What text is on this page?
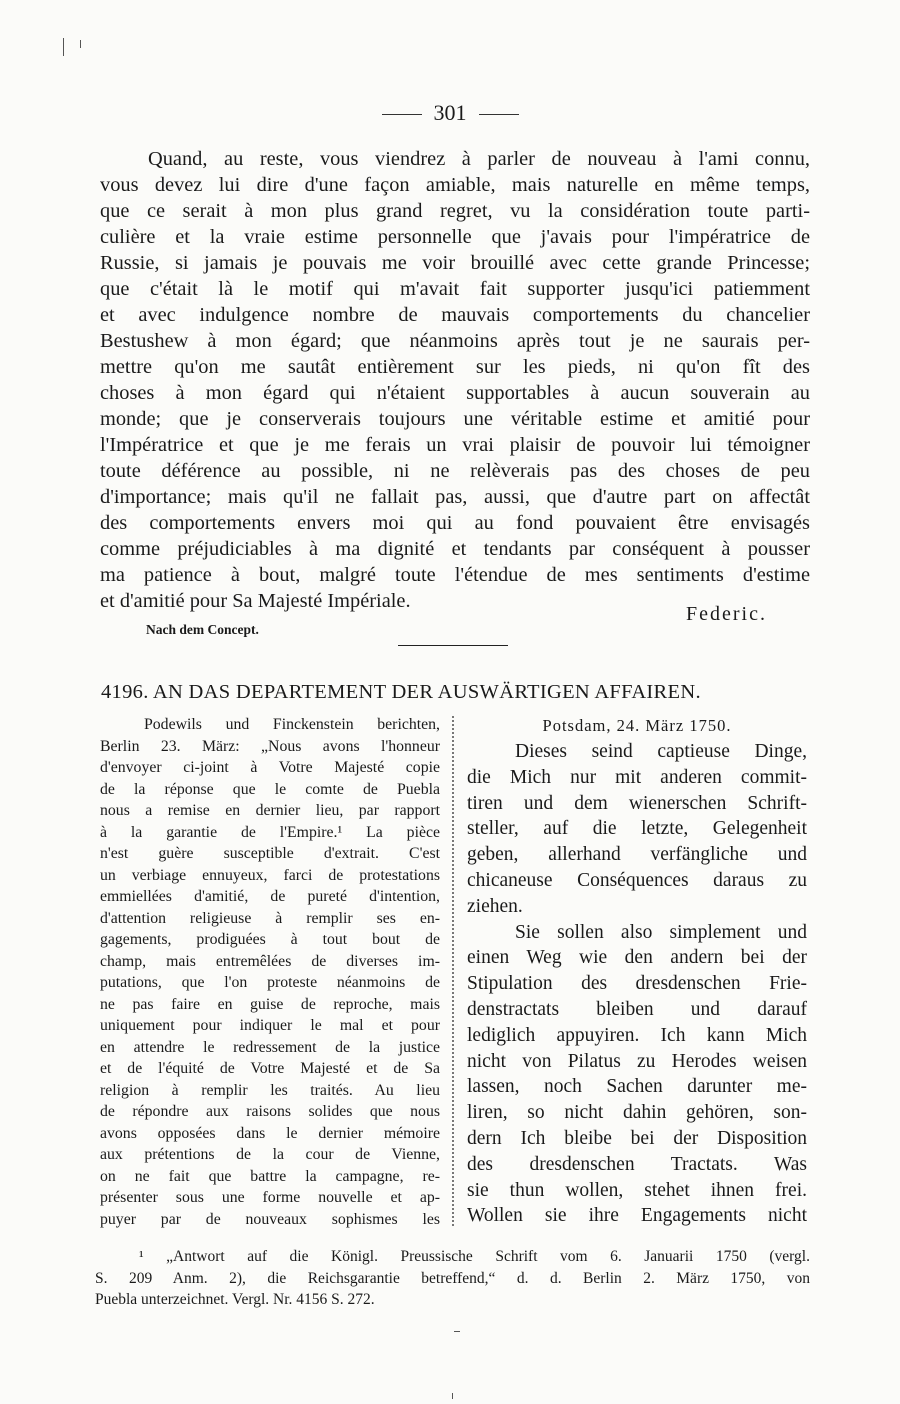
301
Quand, au reste, vous viendrez à parler de nouveau à l'ami connu,
vous devez lui dire d'une façon amiable, mais naturelle en même temps,
que ce serait à mon plus grand regret, vu la considération toute parti-
culière et la vraie estime personnelle que j'avais pour l'impératrice de
Russie, si jamais je pouvais me voir brouillé avec cette grande Princesse;
que c'était là le motif qui m'avait fait supporter jusqu'ici patiemment
et avec indulgence nombre de mauvais comportements du chancelier
Bestushew à mon égard; que néanmoins après tout je ne saurais per-
mettre qu'on me sautât entièrement sur les pieds, ni qu'on fît des
choses à mon égard qui n'étaient supportables à aucun souverain au
monde; que je conserverais toujours une véritable estime et amitié pour
l'Impératrice et que je me ferais un vrai plaisir de pouvoir lui témoigner
toute déférence au possible, ni ne relèverais pas des choses de peu
d'importance; mais qu'il ne fallait pas, aussi, que d'autre part on affectât
des comportements envers moi qui au fond pouvaient être envisagés
comme préjudiciables à ma dignité et tendants par conséquent à pousser
ma patience à bout, malgré toute l'étendue de mes sentiments d'estime
et d'amitié pour Sa Majesté Impériale.
Federic.
Nach dem Concept.
4196. AN DAS DEPARTEMENT DER AUSWÄRTIGEN AFFAIREN.
Podewils und Finckenstein berichten,
Berlin 23. März: „Nous avons l'honneur
d'envoyer ci-joint à Votre Majesté copie
de la réponse que le comte de Puebla
nous a remise en dernier lieu, par rapport
à la garantie de l'Empire.¹ La pièce
n'est guère susceptible d'extrait. C'est
un verbiage ennuyeux, farci de protestations
emmiellées d'amitié, de pureté d'intention,
d'attention religieuse à remplir ses en-
gagements, prodiguées à tout bout de
champ, mais entremêlées de diverses im-
putations, que l'on proteste néanmoins de
ne pas faire en guise de reproche, mais
uniquement pour indiquer le mal et pour
en attendre le redressement de la justice
et de l'équité de Votre Majesté et de Sa
religion à remplir les traités. Au lieu
de répondre aux raisons solides que nous
avons opposées dans le dernier mémoire
aux prétentions de la cour de Vienne,
on ne fait que battre la campagne, re-
présenter sous une forme nouvelle et ap-
puyer par de nouveaux sophismes les
Potsdam, 24. März 1750.
Dieses seind captieuse Dinge,
die Mich nur mit anderen commit-
tiren und dem wienerschen Schrift-
steller, auf die letzte, Gelegenheit
geben, allerhand verfängliche und
chicaneuse Conséquences daraus zu
ziehen.
Sie sollen also simplement und
einen Weg wie den andern bei der
Stipulation des dresdenschen Frie-
denstractats bleiben und darauf
lediglich appuyiren. Ich kann Mich
nicht von Pilatus zu Herodes weisen
lassen, noch Sachen darunter me-
liren, so nicht dahin gehören, son-
dern Ich bleibe bei der Disposition
des dresdenschen Tractats. Was
sie thun wollen, stehet ihnen frei.
Wollen sie ihre Engagements nicht
¹ „Antwort auf die Königl. Preussische Schrift vom 6. Januarii 1750 (vergl.
S. 209 Anm. 2), die Reichsgarantie betreffend,“ d. d. Berlin 2. März 1750, von
Puebla unterzeichnet. Vergl. Nr. 4156 S. 272.
